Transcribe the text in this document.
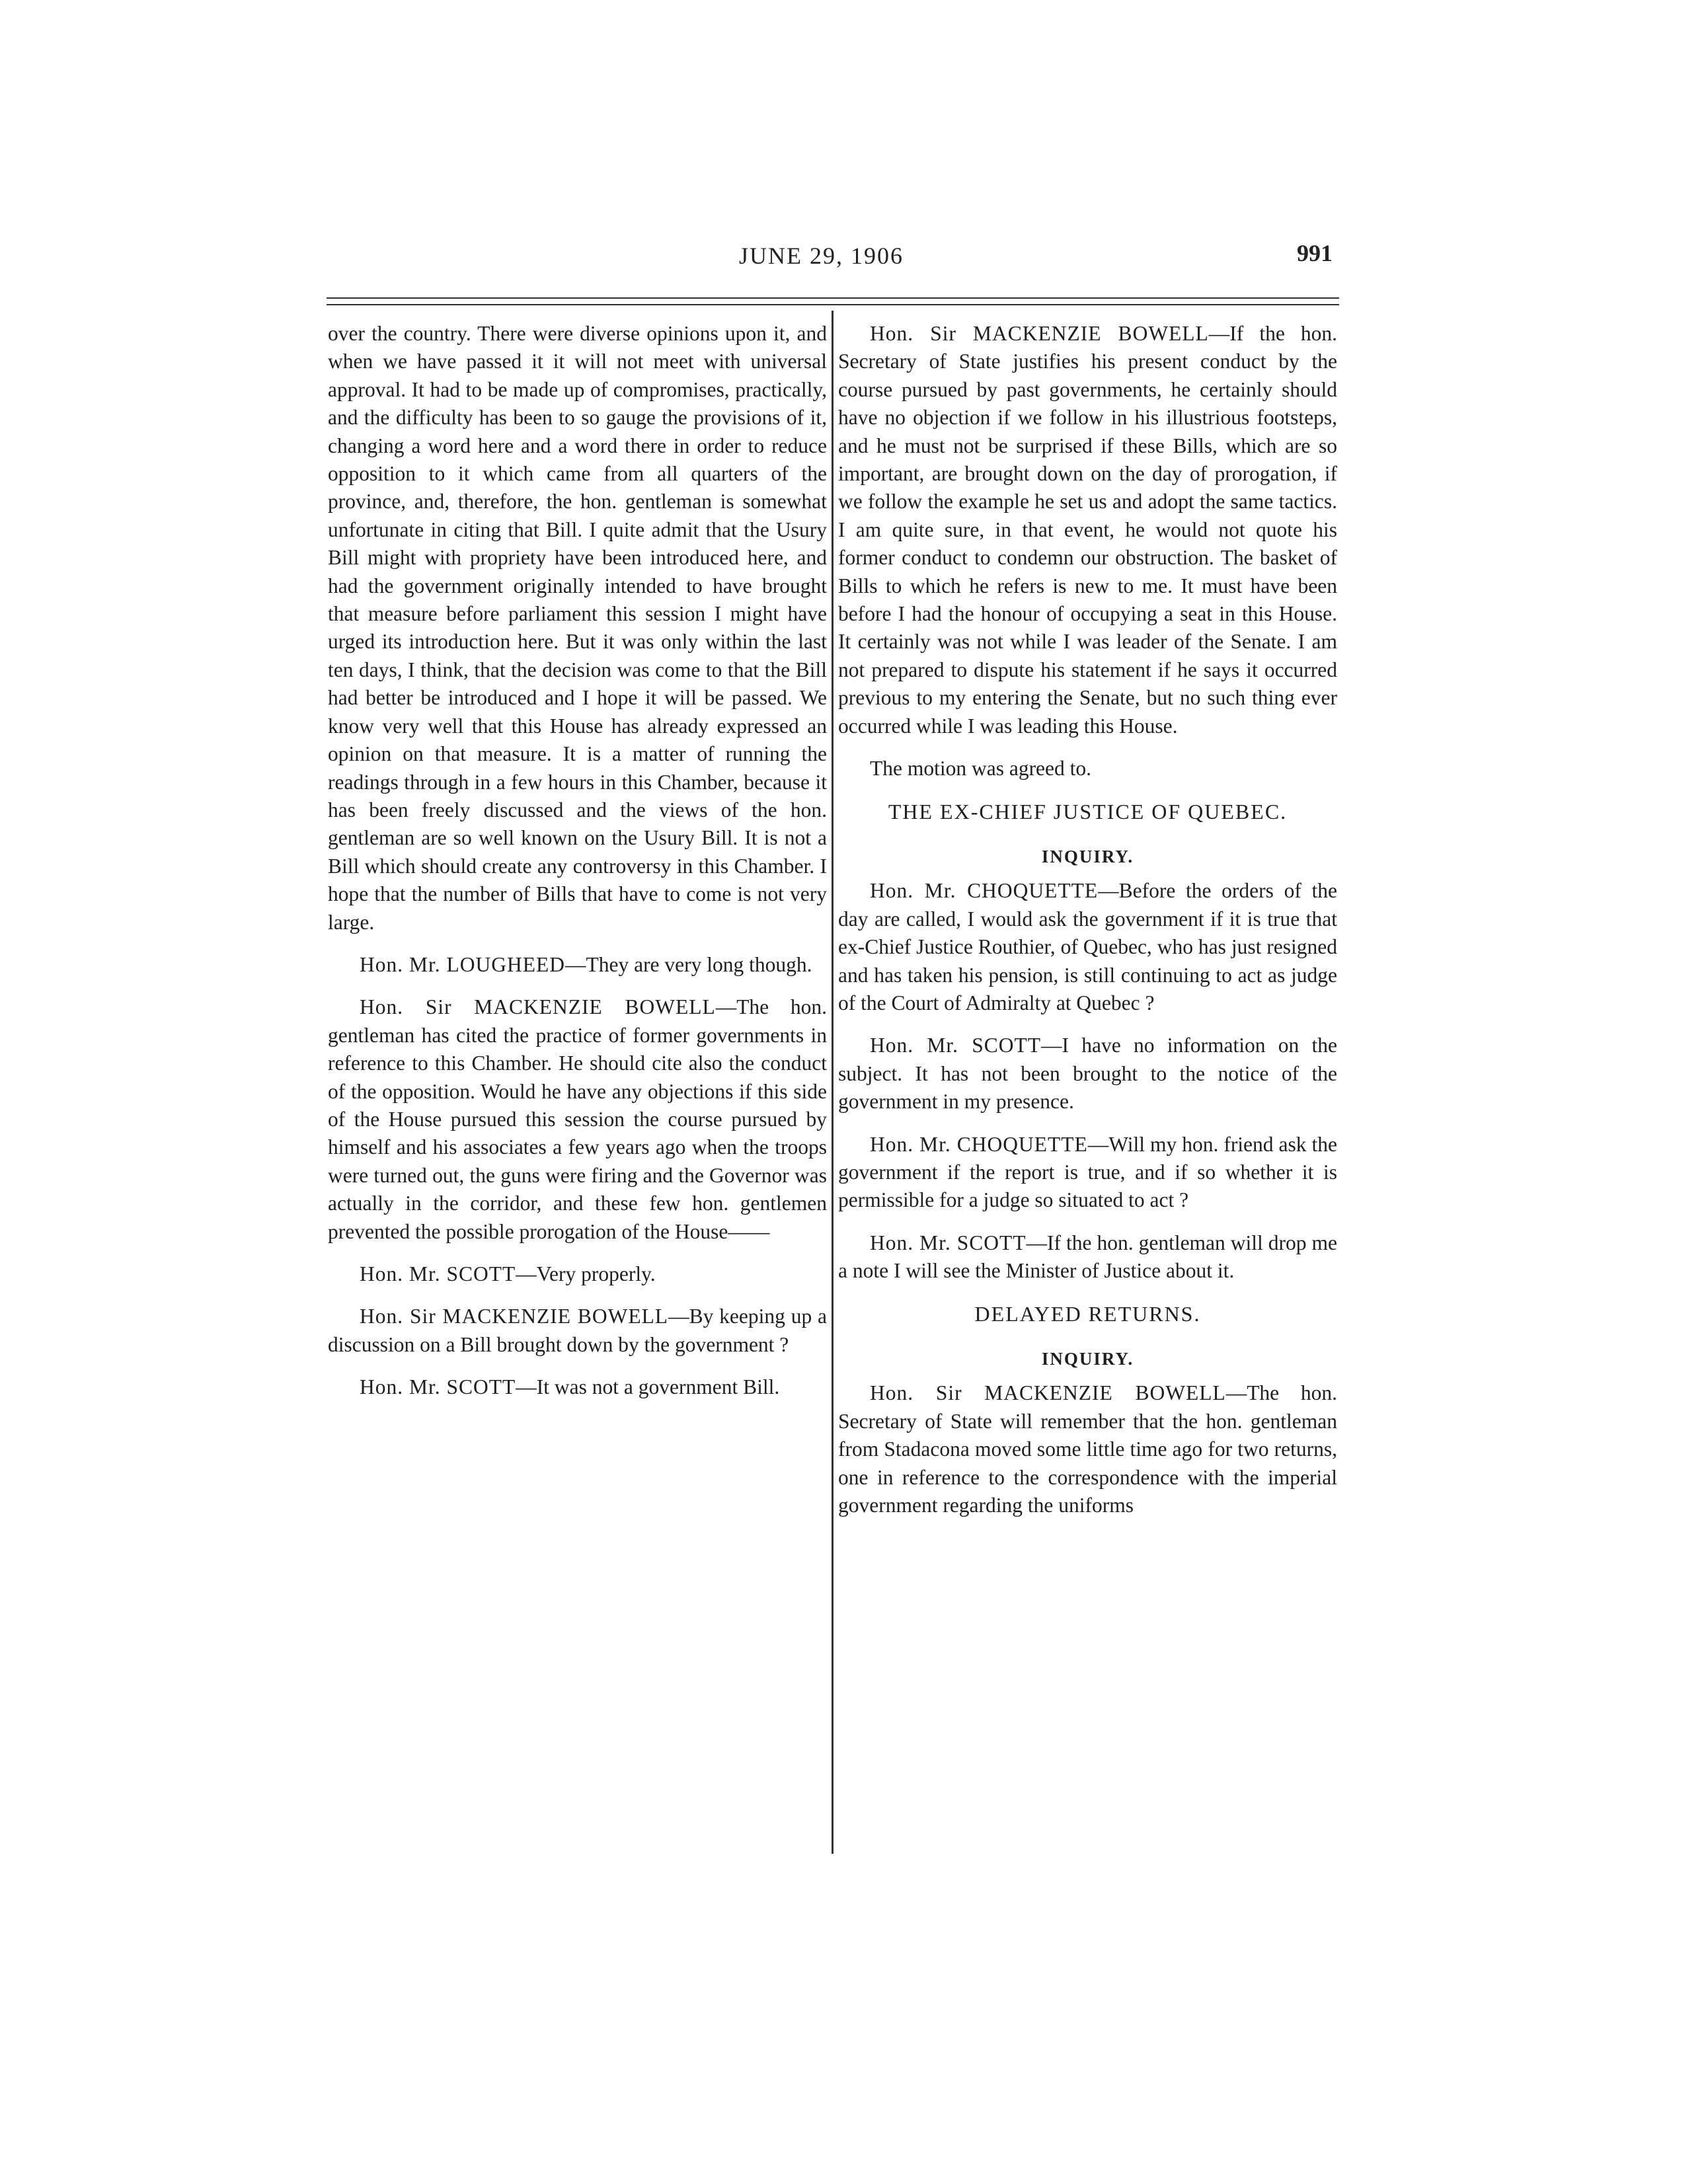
JUNE 29, 1906	991

over the country. There were diverse opinions upon it, and when we have passed it it will not meet with universal approval. It had to be made up of compromises, practically, and the difficulty has been to so gauge the provisions of it, changing a word here and a word there in order to reduce opposition to it which came from all quarters of the province, and, therefore, the hon. gentleman is somewhat unfortunate in citing that Bill. I quite admit that the Usury Bill might with propriety have been introduced here, and had the government originally intended to have brought that measure before parliament this session I might have urged its introduction here. But it was only within the last ten days, I think, that the decision was come to that the Bill had better be introduced and I hope it will be passed. We know very well that this House has already expressed an opinion on that measure. It is a matter of running the readings through in a few hours in this Chamber, because it has been freely discussed and the views of the hon. gentleman are so well known on the Usury Bill. It is not a Bill which should create any controversy in this Chamber. I hope that the number of Bills that have to come is not very large.

Hon. Mr. LOUGHEED—They are very long though.

Hon. Sir MACKENZIE BOWELL—The hon. gentleman has cited the practice of former governments in reference to this Chamber. He should cite also the conduct of the opposition. Would he have any objections if this side of the House pursued this session the course pursued by himself and his associates a few years ago when the troops were turned out, the guns were firing and the Governor was actually in the corridor, and these few hon. gentlemen prevented the possible prorogation of the House——

Hon. Mr. SCOTT—Very properly.

Hon. Sir MACKENZIE BOWELL—By keeping up a discussion on a Bill brought down by the government ?

Hon. Mr. SCOTT—It was not a government Bill.

Hon. Sir MACKENZIE BOWELL—If the hon. Secretary of State justifies his present conduct by the course pursued by past governments, he certainly should have no objection if we follow in his illustrious footsteps, and he must not be surprised if these Bills, which are so important, are brought down on the day of prorogation, if we follow the example he set us and adopt the same tactics. I am quite sure, in that event, he would not quote his former conduct to condemn our obstruction. The basket of Bills to which he refers is new to me. It must have been before I had the honour of occupying a seat in this House. It certainly was not while I was leader of the Senate. I am not prepared to dispute his statement if he says it occurred previous to my entering the Senate, but no such thing ever occurred while I was leading this House.

The motion was agreed to.

THE EX-CHIEF JUSTICE OF QUEBEC.
INQUIRY.

Hon. Mr. CHOQUETTE—Before the orders of the day are called, I would ask the government if it is true that ex-Chief Justice Routhier, of Quebec, who has just resigned and has taken his pension, is still continuing to act as judge of the Court of Admiralty at Quebec ?

Hon. Mr. SCOTT—I have no information on the subject. It has not been brought to the notice of the government in my presence.

Hon. Mr. CHOQUETTE—Will my hon. friend ask the government if the report is true, and if so whether it is permissible for a judge so situated to act ?

Hon. Mr. SCOTT—If the hon. gentleman will drop me a note I will see the Minister of Justice about it.

DELAYED RETURNS.
INQUIRY.

Hon. Sir MACKENZIE BOWELL—The hon. Secretary of State will remember that the hon. gentleman from Stadacona moved some little time ago for two returns, one in reference to the correspondence with the imperial government regarding the uniforms
